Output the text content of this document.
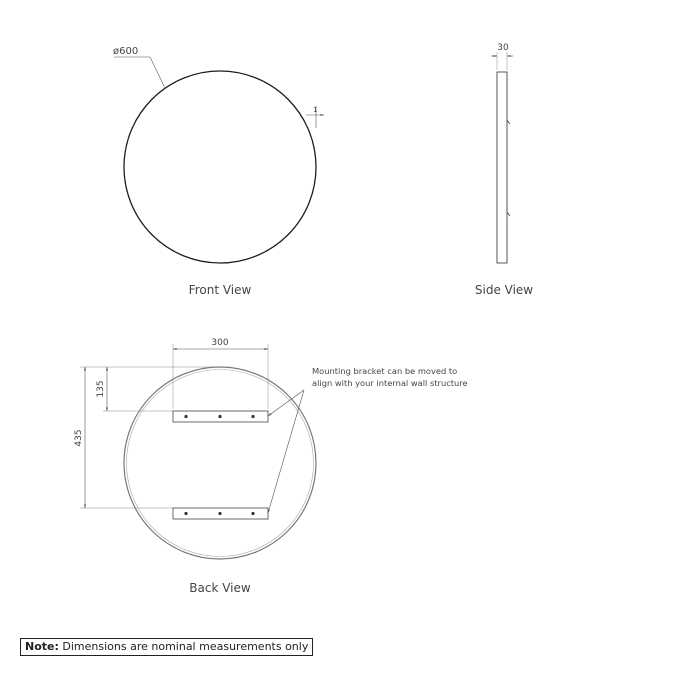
ø600
1
Front View
30
Side View
300
135
435
Mounting bracket can be moved to
align with your internal wall structure
Back View
Note: Dimensions are nominal measurements only
